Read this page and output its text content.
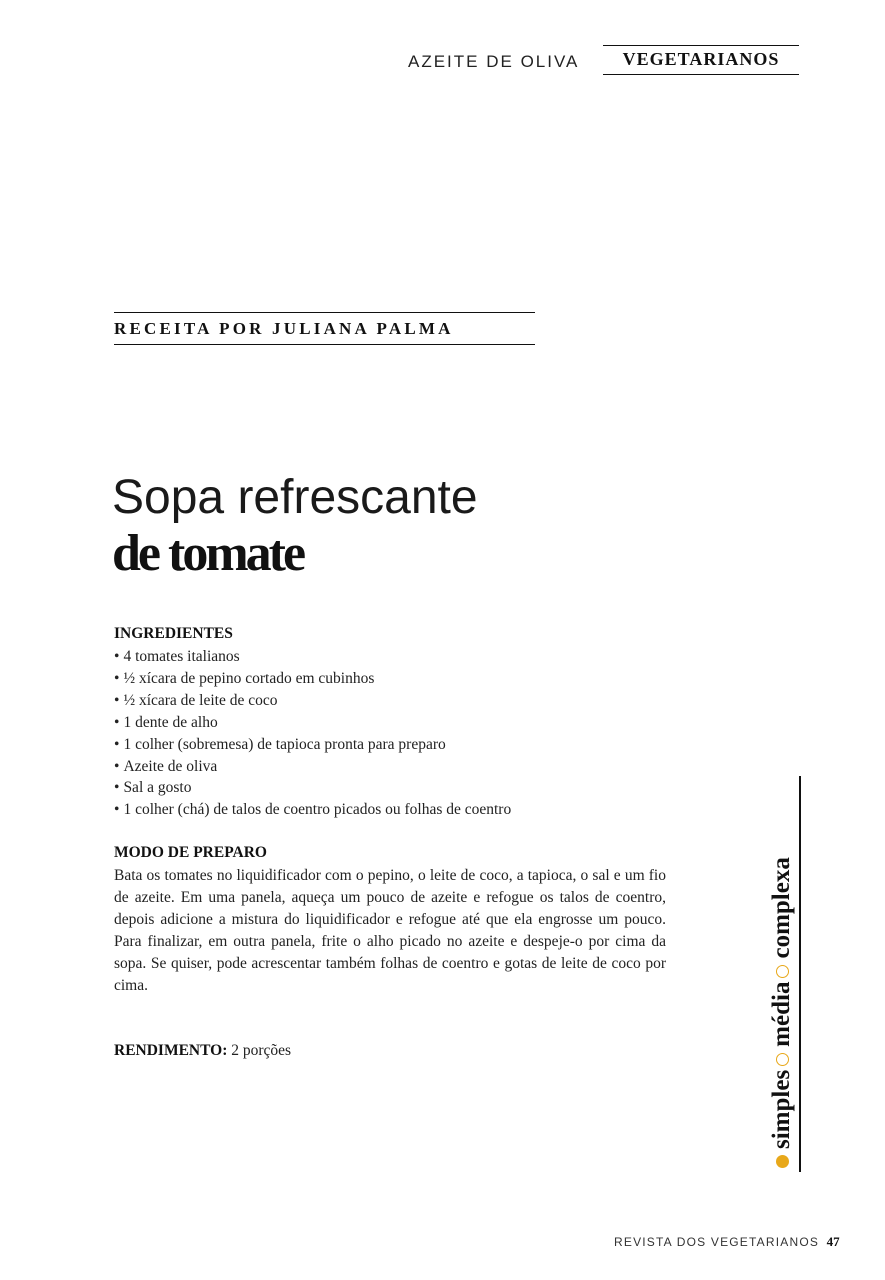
AZEITE DE OLIVA	VEGETARIANOS
RECEITA POR JULIANA PALMA
Sopa refrescante
de tomate
INGREDIENTES
• 4 tomates italianos
• ½ xícara de pepino cortado em cubinhos
• ½ xícara de leite de coco
• 1 dente de alho
• 1 colher (sobremesa) de tapioca pronta para preparo
• Azeite de oliva
• Sal a gosto
• 1 colher (chá) de talos de coentro picados ou folhas de coentro
MODO DE PREPARO
Bata os tomates no liquidificador com o pepino, o leite de coco, a tapioca, o sal e um fio de azeite. Em uma panela, aqueça um pouco de azeite e refogue os talos de coentro, depois adicione a mistura do liquidificador e refogue até que ela engrosse um pouco. Para finalizar, em outra panela, frite o alho picado no azeite e despeje-o por cima da sopa. Se quiser, pode acrescentar também folhas de coentro e gotas de leite de coco por cima.
RENDIMENTO: 2 porções
simples
média
complexa
REVISTA DOS VEGETARIANOS 47
